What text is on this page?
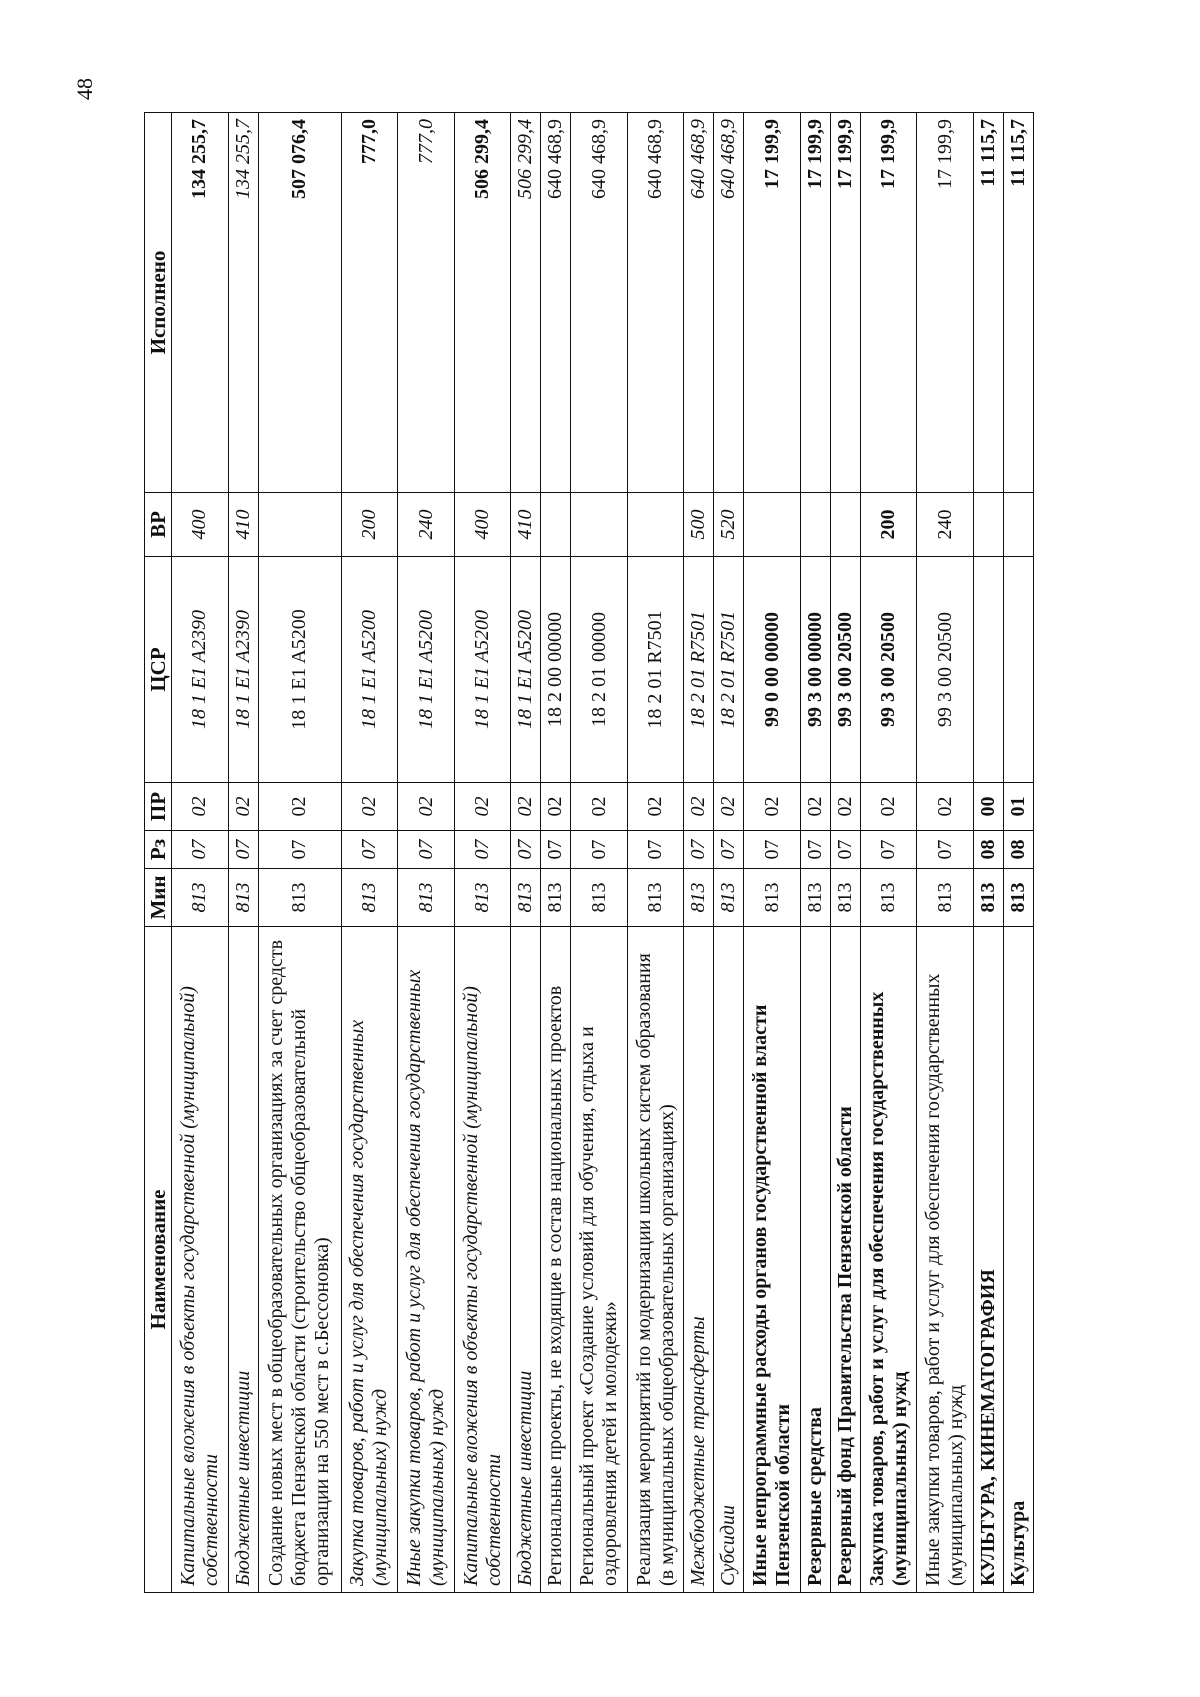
48
Наименование	Мин	Рз	ПР	ЦСР	ВР	Исполнено
Капитальные вложения в объекты государственной (муниципальной) собственности	813	07	02	18 1 E1 A2390	400	134 255,7
Бюджетные инвестиции	813	07	02	18 1 E1 A2390	410	134 255,7
Создание новых мест в общеобразовательных организациях за счет средств бюджета Пензенской области (строительство общеобразовательной организации на 550 мест в с.Бессоновка)	813	07	02	18 1 E1 A5200		507 076,4
Закупка товаров, работ и услуг для обеспечения государственных (муниципальных) нужд	813	07	02	18 1 E1 A5200	200	777,0
Иные закупки товаров, работ и услуг для обеспечения государственных (муниципальных) нужд	813	07	02	18 1 E1 A5200	240	777,0
Капитальные вложения в объекты государственной (муниципальной) собственности	813	07	02	18 1 E1 A5200	400	506 299,4
Бюджетные инвестиции	813	07	02	18 1 E1 A5200	410	506 299,4
Региональные проекты, не входящие в состав национальных проектов	813	07	02	18 2 00 00000		640 468,9
Региональный проект «Создание условий для обучения, отдыха и оздоровления детей и молодежи»	813	07	02	18 2 01 00000		640 468,9
Реализация мероприятий по модернизации школьных систем образования (в муниципальных общеобразовательных организациях)	813	07	02	18 2 01 R7501		640 468,9
Межбюджетные трансферты	813	07	02	18 2 01 R7501	500	640 468,9
Субсидии	813	07	02	18 2 01 R7501	520	640 468,9
Иные непрограммные расходы органов государственной власти Пензенской области	813	07	02	99 0 00 00000		17 199,9
Резервные средства	813	07	02	99 3 00 00000		17 199,9
Резервный фонд Правительства Пензенской области	813	07	02	99 3 00 20500		17 199,9
Закупка товаров, работ и услуг для обеспечения государственных (муниципальных) нужд	813	07	02	99 3 00 20500	200	17 199,9
Иные закупки товаров, работ и услуг для обеспечения государственных (муниципальных) нужд	813	07	02	99 3 00 20500	240	17 199,9
КУЛЬТУРА, КИНЕМАТОГРАФИЯ	813	08	00			11 115,7
Культура	813	08	01			11 115,7
